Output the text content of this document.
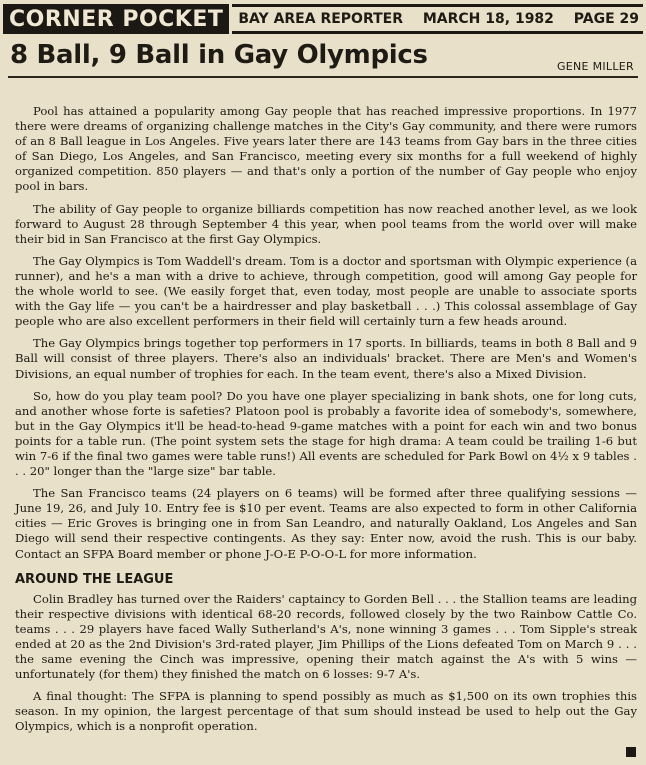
CORNER POCKET	BAY AREA REPORTER MARCH 18, 1982 PAGE 29
8 Ball, 9 Ball in Gay Olympics	GENE MILLER

Pool has attained a popularity among Gay people that has reached impressive proportions. In 1977 there were dreams of organizing challenge matches in the City's Gay community, and there were rumors of an 8 Ball league in Los Angeles. Five years later there are 143 teams from Gay bars in the three cities of San Diego, Los Angeles, and San Francisco, meeting every six months for a full weekend of highly organized competition. 850 players — and that's only a portion of the number of Gay people who enjoy pool in bars.

The ability of Gay people to organize billiards competition has now reached another level, as we look forward to August 28 through September 4 this year, when pool teams from the world over will make their bid in San Francisco at the first Gay Olympics.

The Gay Olympics is Tom Waddell's dream. Tom is a doctor and sportsman with Olympic experience (a runner), and he's a man with a drive to achieve, through competition, good will among Gay people for the whole world to see. (We easily forget that, even today, most people are unable to associate sports with the Gay life — you can't be a hairdresser and play basketball . . .) This colossal assemblage of Gay people who are also excellent performers in their field will certainly turn a few heads around.

The Gay Olympics brings together top performers in 17 sports. In billiards, teams in both 8 Ball and 9 Ball will consist of three players. There's also an individuals' bracket. There are Men's and Women's Divisions, an equal number of trophies for each. In the team event, there's also a Mixed Division.

So, how do you play team pool? Do you have one player specializing in bank shots, one for long cuts, and another whose forte is safeties? Platoon pool is probably a favorite idea of somebody's, somewhere, but in the Gay Olympics it'll be head-to-head 9-game matches with a point for each win and two bonus points for a table run. (The point system sets the stage for high drama: A team could be trailing 1-6 but win 7-6 if the final two games were table runs!) All events are scheduled for Park Bowl on 4½ x 9 tables . . . 20" longer than the "large size" bar table.

The San Francisco teams (24 players on 6 teams) will be formed after three qualifying sessions — June 19, 26, and July 10. Entry fee is $10 per event. Teams are also expected to form in other California cities — Eric Groves is bringing one in from San Leandro, and naturally Oakland, Los Angeles and San Diego will send their respective contingents. As they say: Enter now, avoid the rush. This is our baby. Contact an SFPA Board member or phone J-O-E P-O-O-L for more information.

AROUND THE LEAGUE

Colin Bradley has turned over the Raiders' captaincy to Gorden Bell . . . the Stallion teams are leading their respective divisions with identical 68-20 records, followed closely by the two Rainbow Cattle Co. teams . . . 29 players have faced Wally Sutherland's A's, none winning 3 games . . . Tom Sipple's streak ended at 20 as the 2nd Division's 3rd-rated player, Jim Phillips of the Lions defeated Tom on March 9 . . . the same evening the Cinch was impressive, opening their match against the A's with 5 wins — unfortunately (for them) they finished the match on 6 losses: 9-7 A's.

A final thought: The SFPA is planning to spend possibly as much as $1,500 on its own trophies this season. In my opinion, the largest percentage of that sum should instead be used to help out the Gay Olympics, which is a nonprofit operation.
